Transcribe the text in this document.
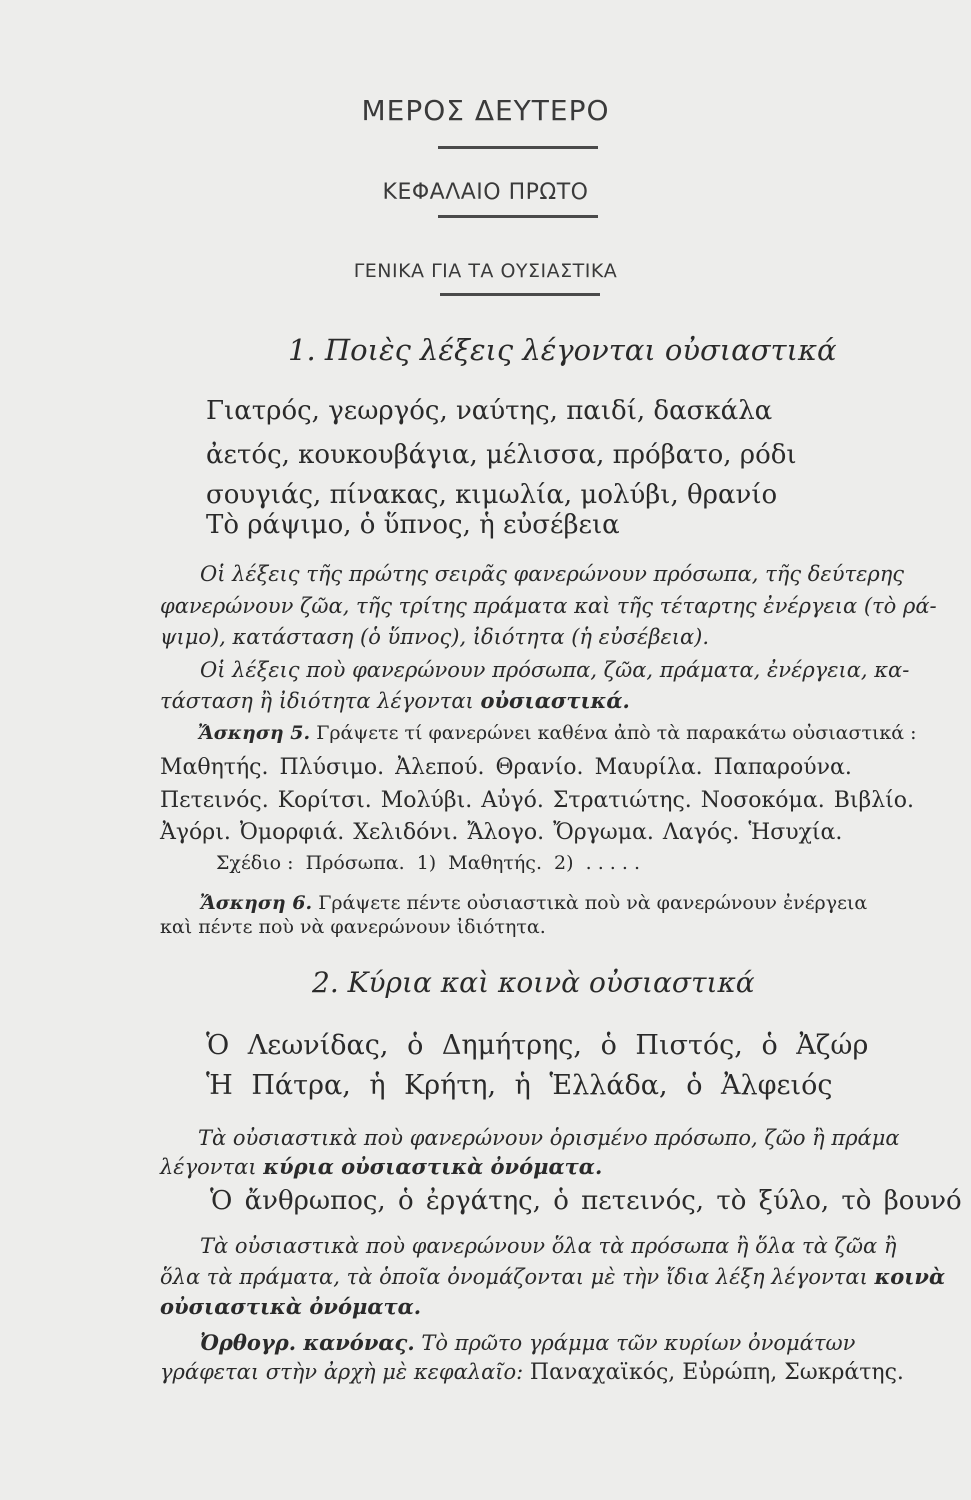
ΜΕΡΟΣ ΔΕΥΤΕΡΟ
ΚΕΦΑΛΑΙΟ ΠΡΩΤΟ
ΓΕΝΙΚΑ ΓΙΑ ΤΑ ΟΥΣΙΑΣΤΙΚΑ
1. Ποιὲς λέξεις λέγονται οὐσιαστικά
Γιατρός, γεωργός, ναύτης, παιδί, δασκάλα
ἀετός, κουκουβάγια, μέλισσα, πρόβατο, ρόδι
σουγιάς, πίνακας, κιμωλία, μολύβι, θρανίο
Τὸ ράψιμο, ὁ ὕπνος, ἡ εὐσέβεια
Οἱ λέξεις τῆς πρώτης σειρᾶς φανερώνουν πρόσωπα, τῆς δεύτερης
φανερώνουν ζῶα, τῆς τρίτης πράματα καὶ τῆς τέταρτης ἐνέργεια (τὸ ρά-
ψιμο), κατάσταση (ὁ ὕπνος), ἰδιότητα (ἡ εὐσέβεια).
Οἱ λέξεις ποὺ φανερώνουν πρόσωπα, ζῶα, πράματα, ἐνέργεια, κα-
τάσταση ἢ ἰδιότητα λέγονται οὐσιαστικά.
Ἄσκηση 5. Γράψετε τί φανερώνει καθένα ἀπὸ τὰ παρακάτω οὐσιαστικά :
Μαθητής. Πλύσιμο. Ἀλεπού. Θρανίο. Μαυρίλα. Παπαρούνα.
Πετεινός. Κορίτσι. Μολύβι. Αὐγό. Στρατιώτης. Νοσοκόμα. Βιβλίο.
Ἀγόρι. Ὀμορφιά. Χελιδόνι. Ἄλογο. Ὄργωμα. Λαγός. Ἡσυχία.
Σχέδιο :  Πρόσωπα.  1)  Μαθητής.  2)  . . . . .
Ἄσκηση 6. Γράψετε πέντε οὐσιαστικὰ ποὺ νὰ φανερώνουν ἐνέργεια
καὶ πέντε ποὺ νὰ φανερώνουν ἰδιότητα.
2. Κύρια καὶ κοινὰ οὐσιαστικά
Ὁ Λεωνίδας, ὁ Δημήτρης, ὁ Πιστός, ὁ Ἀζώρ
Ἡ Πάτρα, ἡ Κρήτη, ἡ Ἑλλάδα, ὁ Ἀλφειός
Τὰ οὐσιαστικὰ ποὺ φανερώνουν ὁρισμένο πρόσωπο, ζῶο ἢ πράμα
λέγονται κύρια οὐσιαστικὰ ὀνόματα.
Ὁ ἄνθρωπος, ὁ ἐργάτης, ὁ πετεινός, τὸ ξύλο, τὸ βουνό
Τὰ οὐσιαστικὰ ποὺ φανερώνουν ὅλα τὰ πρόσωπα ἢ ὅλα τὰ ζῶα ἢ
ὅλα τὰ πράματα, τὰ ὁποῖα ὀνομάζονται μὲ τὴν ἴδια λέξη λέγονται κοινὰ
οὐσιαστικὰ ὀνόματα.
Ὀρθογρ. κανόνας. Τὸ πρῶτο γράμμα τῶν κυρίων ὀνομάτων
γράφεται στὴν ἀρχὴ μὲ κεφαλαῖο: Παναχαϊκός, Εὐρώπη, Σωκράτης.
